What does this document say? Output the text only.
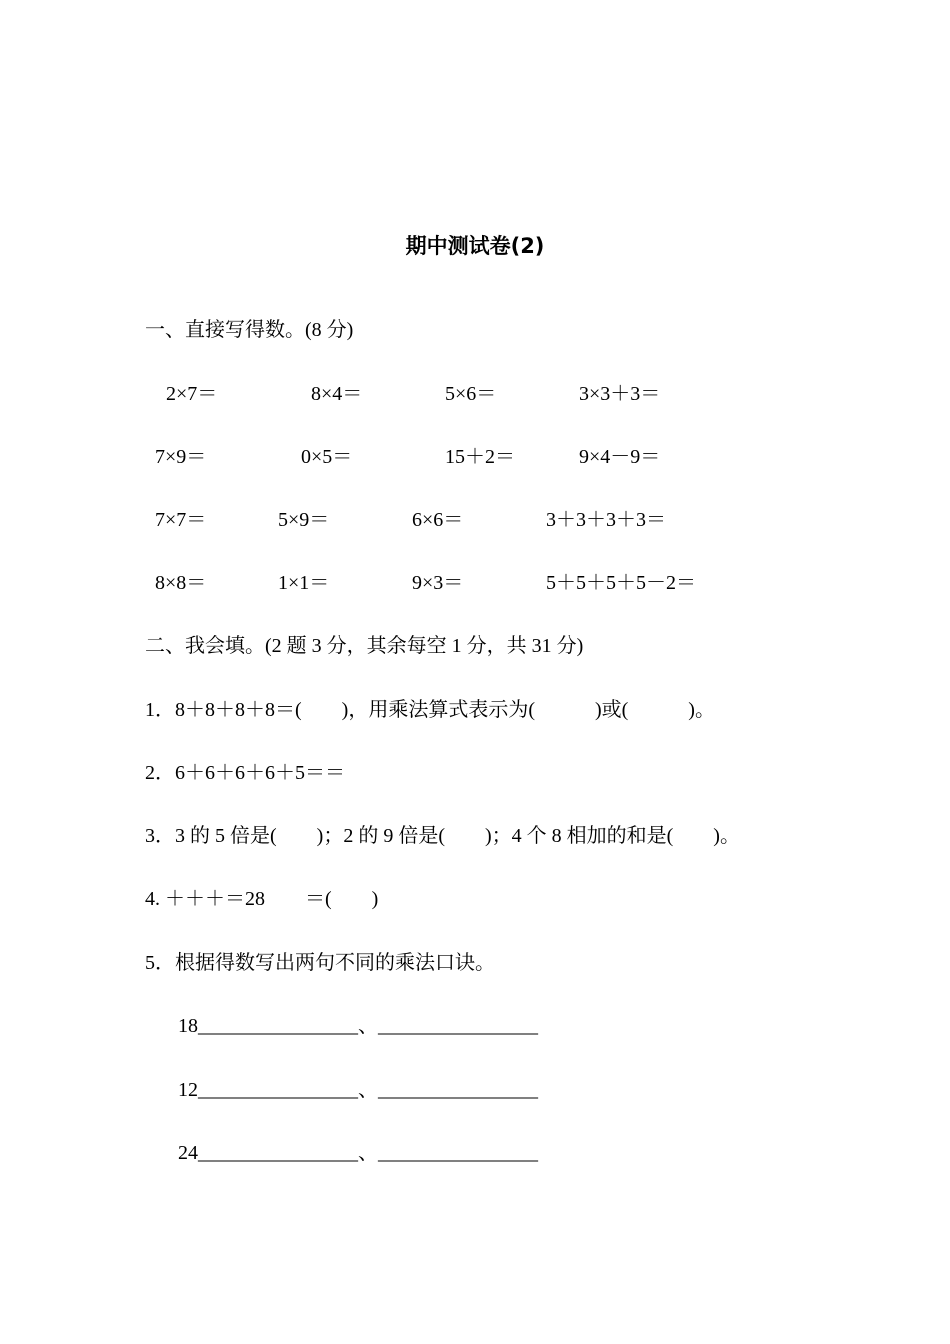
期中测试卷(2)
一、直接写得数。(8 分)
2×7＝	8×4＝	5×6＝	3×3＋3＝
7×9＝	0×5＝	15＋2＝	9×4－9＝
7×7＝	5×9＝	6×6＝	3＋3＋3＋3＝
8×8＝	1×1＝	9×3＝	5＋5＋5＋5－2＝
二、我会填。(2 题 3 分，其余每空 1 分，共 31 分)
1．8＋8＋8＋8＝(　　)，用乘法算式表示为(　　　)或(　　　)。
2．6＋6＋6＋6＋5＝＝
3．3 的 5 倍是(　　)；2 的 9 倍是(　　)；4 个 8 相加的和是(　　)。
4. ＋＋＋＝28　　＝(　　)
5．根据得数写出两句不同的乘法口诀。
18________________、________________
12________________、________________
24________________、________________
